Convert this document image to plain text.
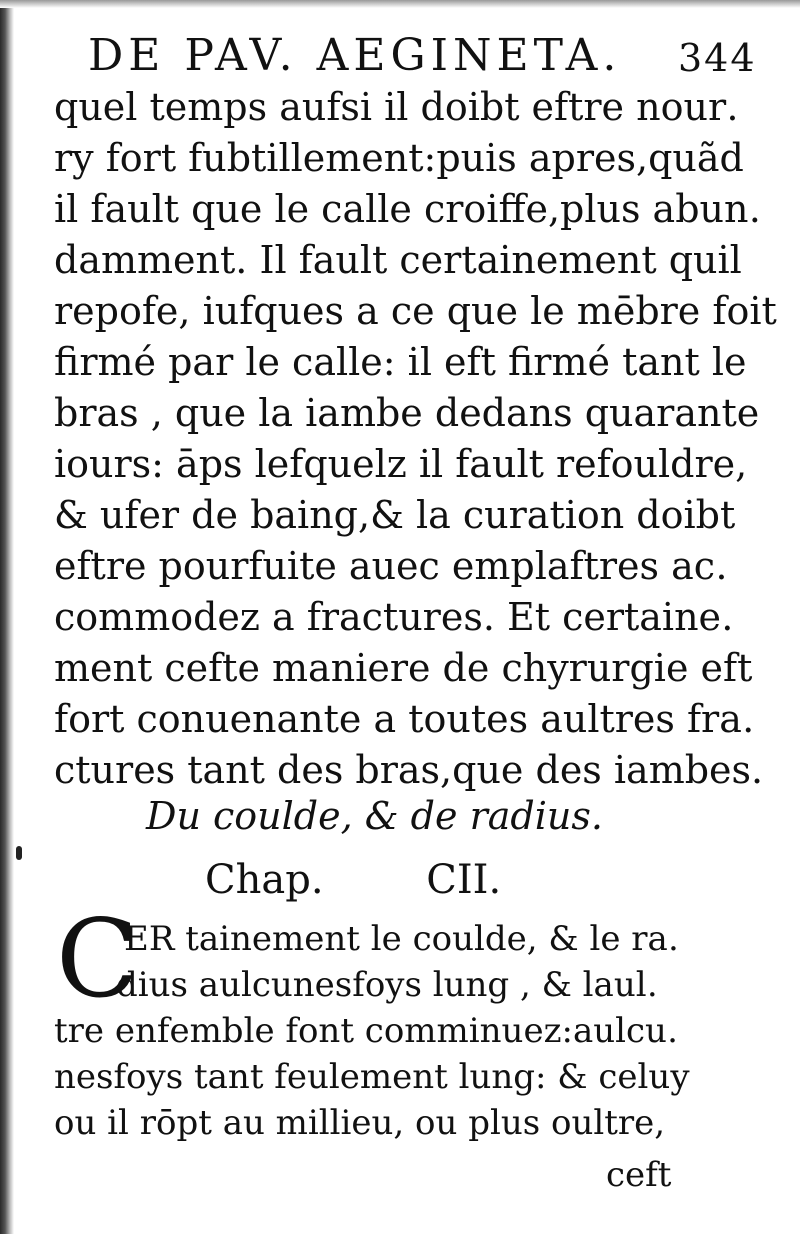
DE PAV. AEGINETA. 344
quel temps aufsi il doibt eftre nour․
ry fort fubtillement:puis apres,quãd
il fault que le calle croiffe,plus abun․
damment. Il fault certainement quil
repofe, iufques a ce que le mēbre foit
firmé par le calle: il eft firmé tant le
bras , que la iambe dedans quarante
iours: āps lefquelz il fault refouldre,
& ufer de baing,& la curation doibt
eftre pourfuite auec emplaftres ac․
commodez a fractures. Et certaine․
ment cefte maniere de chyrurgie eft
fort conuenante a toutes aultres fra․
ctures tant des bras,que des iambes.
Du coulde, & de radius.
Chap.	CII.
C
ER tainement le coulde, & le ra․
dius aulcunesfoys lung , & laul․
tre enfemble font comminuez:aulcu․
nesfoys tant feulement lung: & celuy
ou il rōpt au millieu, ou plus oultre,
ceft
